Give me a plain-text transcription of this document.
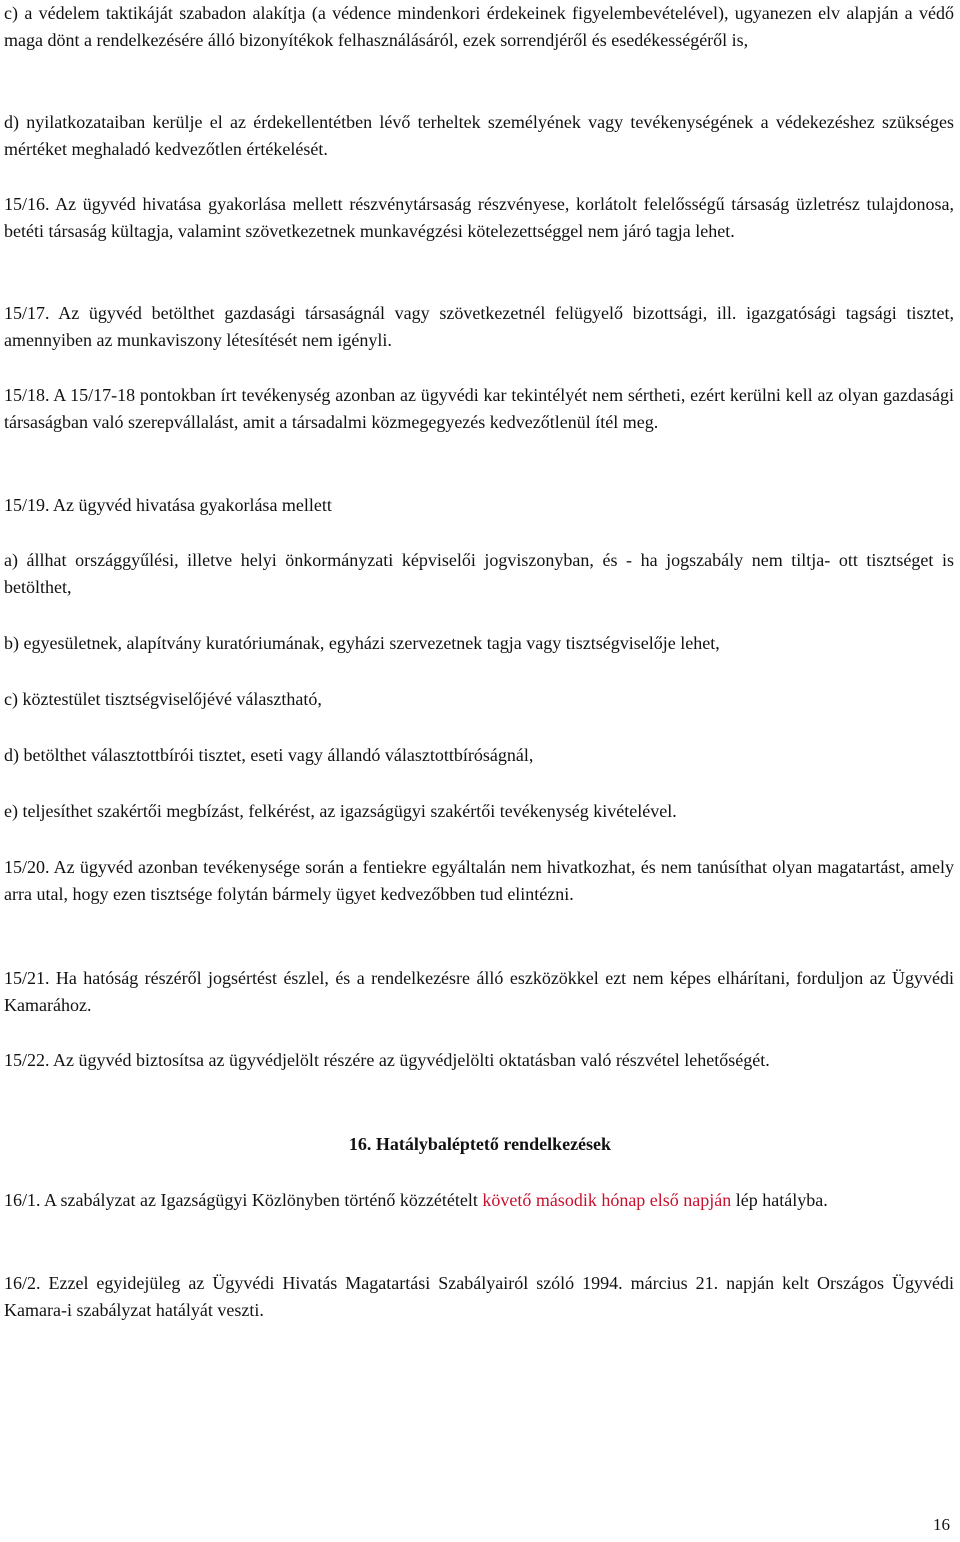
c) a védelem taktikáját szabadon alakítja (a védence mindenkori érdekeinek figyelembevételével), ugyanezen elv alapján a védő maga dönt a rendelkezésére álló bizonyítékok felhasználásáról, ezek sorrendjéről és esedékességéről is,

d) nyilatkozataiban kerülje el az érdekellentétben lévő terheltek személyének vagy tevékenységének a védekezéshez szükséges mértéket meghaladó kedvezőtlen értékelését.

15/16. Az ügyvéd hivatása gyakorlása mellett részvénytársaság részvényese, korlátolt felelősségű társaság üzletrész tulajdonosa, betéti társaság kültagja, valamint szövetkezetnek munkavégzési kötelezettséggel nem járó tagja lehet.

15/17. Az ügyvéd betölthet gazdasági társaságnál vagy szövetkezetnél felügyelő bizottsági, ill. igazgatósági tagsági tisztet, amennyiben az munkaviszony létesítését nem igényli.

15/18. A 15/17-18 pontokban írt tevékenység azonban az ügyvédi kar tekintélyét nem sértheti, ezért kerülni kell az olyan gazdasági társaságban való szerepvállalást, amit a társadalmi közmegegyezés kedvezőtlenül ítél meg.

15/19. Az ügyvéd hivatása gyakorlása mellett

a) állhat országgyűlési, illetve helyi önkormányzati képviselői jogviszonyban, és - ha jogszabály nem tiltja- ott tisztséget is betölthet,

b) egyesületnek, alapítvány kuratóriumának, egyházi szervezetnek tagja vagy tisztségviselője lehet,

c) köztestület tisztségviselőjévé választható,

d) betölthet választottbírói tisztet, eseti vagy állandó választottbíróságnál,

e) teljesíthet szakértői megbízást, felkérést, az igazságügyi szakértői tevékenység kivételével.

15/20. Az ügyvéd azonban tevékenysége során a fentiekre egyáltalán nem hivatkozhat, és nem tanúsíthat olyan magatartást, amely arra utal, hogy ezen tisztsége folytán bármely ügyet kedvezőbben tud elintézni.

15/21. Ha hatóság részéről jogsértést észlel, és a rendelkezésre álló eszközökkel ezt nem képes elhárítani, forduljon az Ügyvédi Kamarához.

15/22. Az ügyvéd biztosítsa az ügyvédjelölt részére az ügyvédjelölti oktatásban való részvétel lehetőségét.

16. Hatálybaléptető rendelkezések

16/1. A szabályzat az Igazságügyi Közlönyben történő közzétételt követő második hónap első napján lép hatályba.

16/2. Ezzel egyidejüleg az Ügyvédi Hivatás Magatartási Szabályairól szóló 1994. március 21. napján kelt Országos Ügyvédi Kamara-i szabályzat hatályát veszti.

16
